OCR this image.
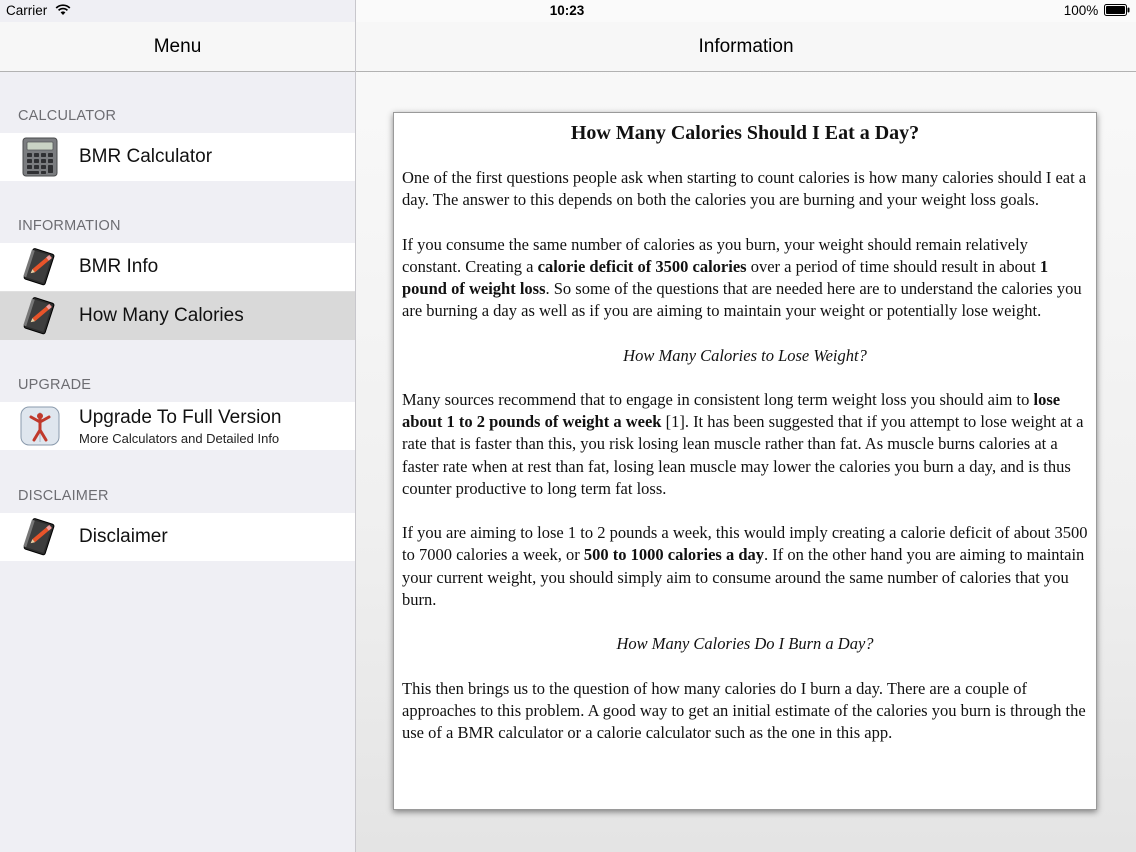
Carrier
Menu
CALCULATOR
BMR Calculator
INFORMATION
BMR Info
How Many Calories
UPGRADE
Upgrade To Full Version
More Calculators and Detailed Info
DISCLAIMER
Disclaimer
10:23	100%
Information
How Many Calories Should I Eat a Day?

One of the first questions people ask when starting to count calories is how many calories should I eat a day. The answer to this depends on both the calories you are burning and your weight loss goals.

If you consume the same number of calories as you burn, your weight should remain relatively constant. Creating a calorie deficit of 3500 calories over a period of time should result in about 1 pound of weight loss. So some of the questions that are needed here are to understand the calories you are burning a day as well as if you are aiming to maintain your weight or potentially lose weight.

How Many Calories to Lose Weight?

Many sources recommend that to engage in consistent long term weight loss you should aim to lose about 1 to 2 pounds of weight a week [1]. It has been suggested that if you attempt to lose weight at a rate that is faster than this, you risk losing lean muscle rather than fat. As muscle burns calories at a faster rate when at rest than fat, losing lean muscle may lower the calories you burn a day, and is thus counter productive to long term fat loss.

If you are aiming to lose 1 to 2 pounds a week, this would imply creating a calorie deficit of about 3500 to 7000 calories a week, or 500 to 1000 calories a day. If on the other hand you are aiming to maintain your current weight, you should simply aim to consume around the same number of calories that you burn.

How Many Calories Do I Burn a Day?

This then brings us to the question of how many calories do I burn a day. There are a couple of approaches to this problem. A good way to get an initial estimate of the calories you burn is through the use of a BMR calculator or a calorie calculator such as the one in this app.
